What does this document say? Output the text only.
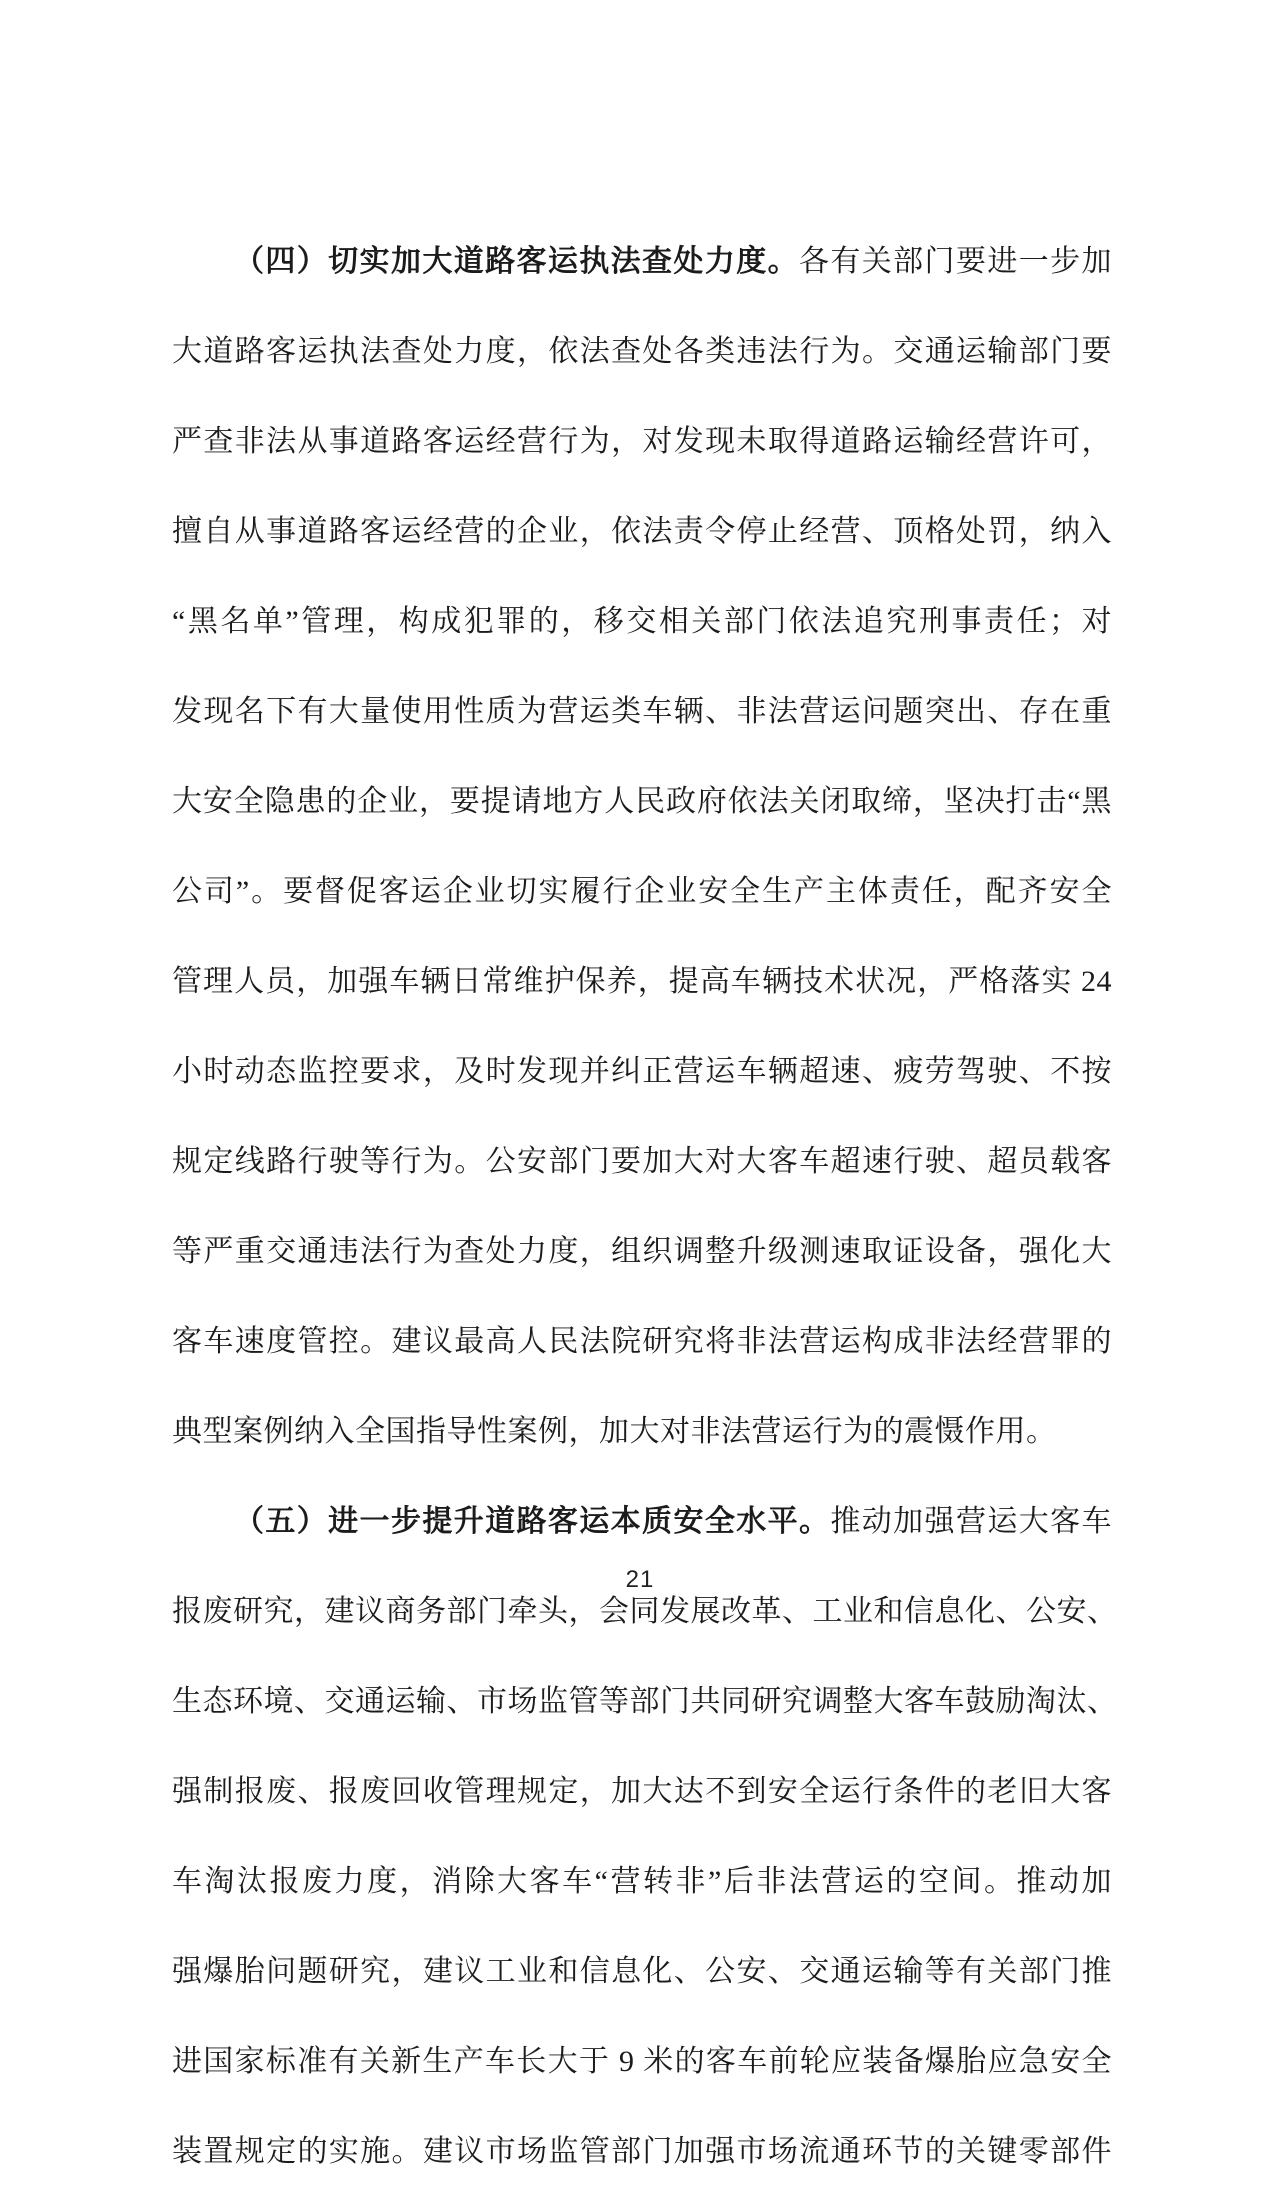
（四）切实加大道路客运执法查处力度。各有关部门要进一步加

大道路客运执法查处力度，依法查处各类违法行为。交通运输部门要

严查非法从事道路客运经营行为，对发现未取得道路运输经营许可，

擅自从事道路客运经营的企业，依法责令停止经营、顶格处罚，纳入

“黑名单”管理，构成犯罪的，移交相关部门依法追究刑事责任；对

发现名下有大量使用性质为营运类车辆、非法营运问题突出、存在重

大安全隐患的企业，要提请地方人民政府依法关闭取缔，坚决打击“黑

公司”。要督促客运企业切实履行企业安全生产主体责任，配齐安全

管理人员，加强车辆日常维护保养，提高车辆技术状况，严格落实 24

小时动态监控要求，及时发现并纠正营运车辆超速、疲劳驾驶、不按

规定线路行驶等行为。公安部门要加大对大客车超速行驶、超员载客

等严重交通违法行为查处力度，组织调整升级测速取证设备，强化大

客车速度管控。建议最高人民法院研究将非法营运构成非法经营罪的

典型案例纳入全国指导性案例，加大对非法营运行为的震慑作用。

（五）进一步提升道路客运本质安全水平。推动加强营运大客车

报废研究，建议商务部门牵头，会同发展改革、工业和信息化、公安、

生态环境、交通运输、市场监管等部门共同研究调整大客车鼓励淘汰、

强制报废、报废回收管理规定，加大达不到安全运行条件的老旧大客

车淘汰报废力度，消除大客车“营转非”后非法营运的空间。推动加

强爆胎问题研究，建议工业和信息化、公安、交通运输等有关部门推

进国家标准有关新生产车长大于 9 米的客车前轮应装备爆胎应急安全

装置规定的实施。建议市场监管部门加强市场流通环节的关键零部件

21
